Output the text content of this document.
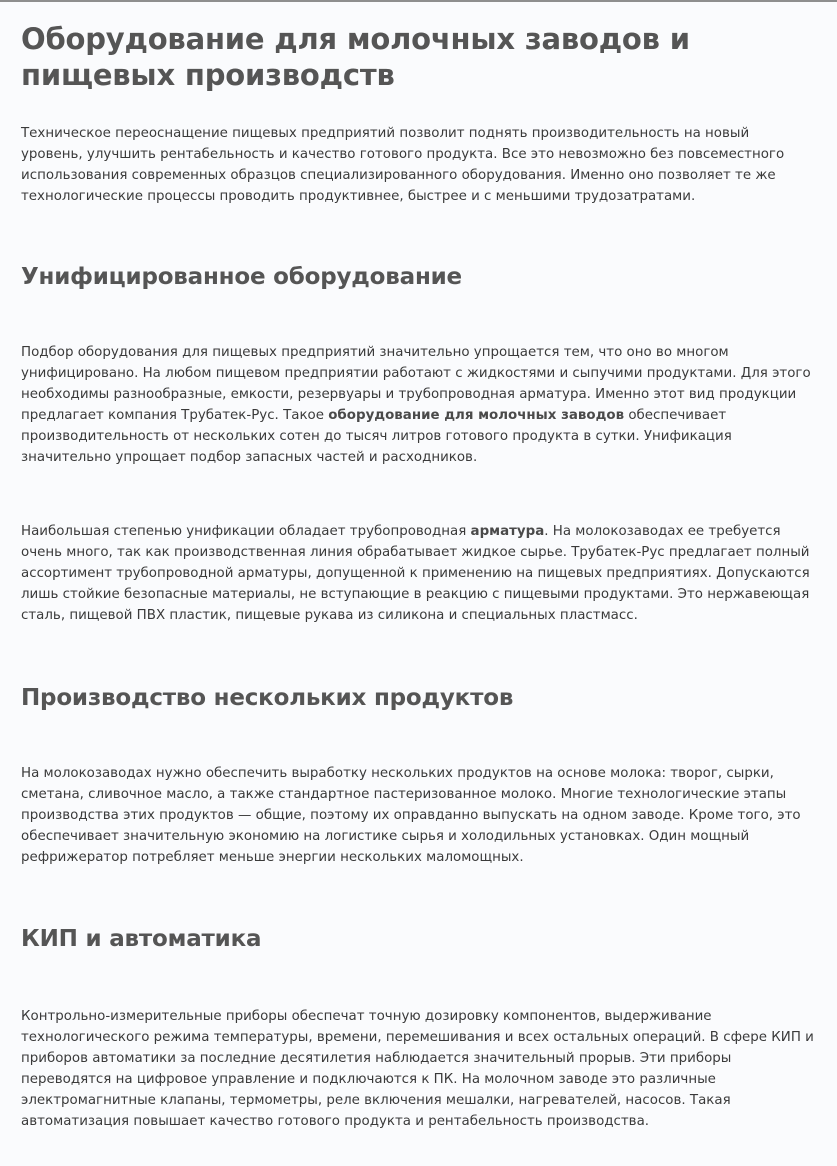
Оборудование для молочных заводов и пищевых производств

Техническое переоснащение пищевых предприятий позволит поднять производительность на новый уровень, улучшить рентабельность и качество готового продукта. Все это невозможно без повсеместного использования современных образцов специализированного оборудования. Именно оно позволяет те же технологические процессы проводить продуктивнее, быстрее и с меньшими трудозатратами.

Унифицированное оборудование

Подбор оборудования для пищевых предприятий значительно упрощается тем, что оно во многом унифицировано. На любом пищевом предприятии работают с жидкостями и сыпучими продуктами. Для этого необходимы разнообразные, емкости, резервуары и трубопроводная арматура. Именно этот вид продукции предлагает компания Трубатек-Рус. Такое оборудование для молочных заводов обеспечивает производительность от нескольких сотен до тысяч литров готового продукта в сутки. Унификация значительно упрощает подбор запасных частей и расходников.

Наибольшая степенью унификации обладает трубопроводная арматура. На молокозаводах ее требуется очень много, так как производственная линия обрабатывает жидкое сырье. Трубатек-Рус предлагает полный ассортимент трубопроводной арматуры, допущенной к применению на пищевых предприятиях. Допускаются лишь стойкие безопасные материалы, не вступающие в реакцию с пищевыми продуктами. Это нержавеющая сталь, пищевой ПВХ пластик, пищевые рукава из силикона и специальных пластмасс.

Производство нескольких продуктов

На молокозаводах нужно обеспечить выработку нескольких продуктов на основе молока: творог, сырки, сметана, сливочное масло, а также стандартное пастеризованное молоко. Многие технологические этапы производства этих продуктов — общие, поэтому их оправданно выпускать на одном заводе. Кроме того, это обеспечивает значительную экономию на логистике сырья и холодильных установках. Один мощный рефрижератор потребляет меньше энергии нескольких маломощных.

КИП и автоматика

Контрольно-измерительные приборы обеспечат точную дозировку компонентов, выдерживание технологического режима температуры, времени, перемешивания и всех остальных операций. В сфере КИП и приборов автоматики за последние десятилетия наблюдается значительный прорыв. Эти приборы переводятся на цифровое управление и подключаются к ПК. На молочном заводе это различные электромагнитные клапаны, термометры, реле включения мешалки, нагревателей, насосов. Такая автоматизация повышает качество готового продукта и рентабельность производства.
